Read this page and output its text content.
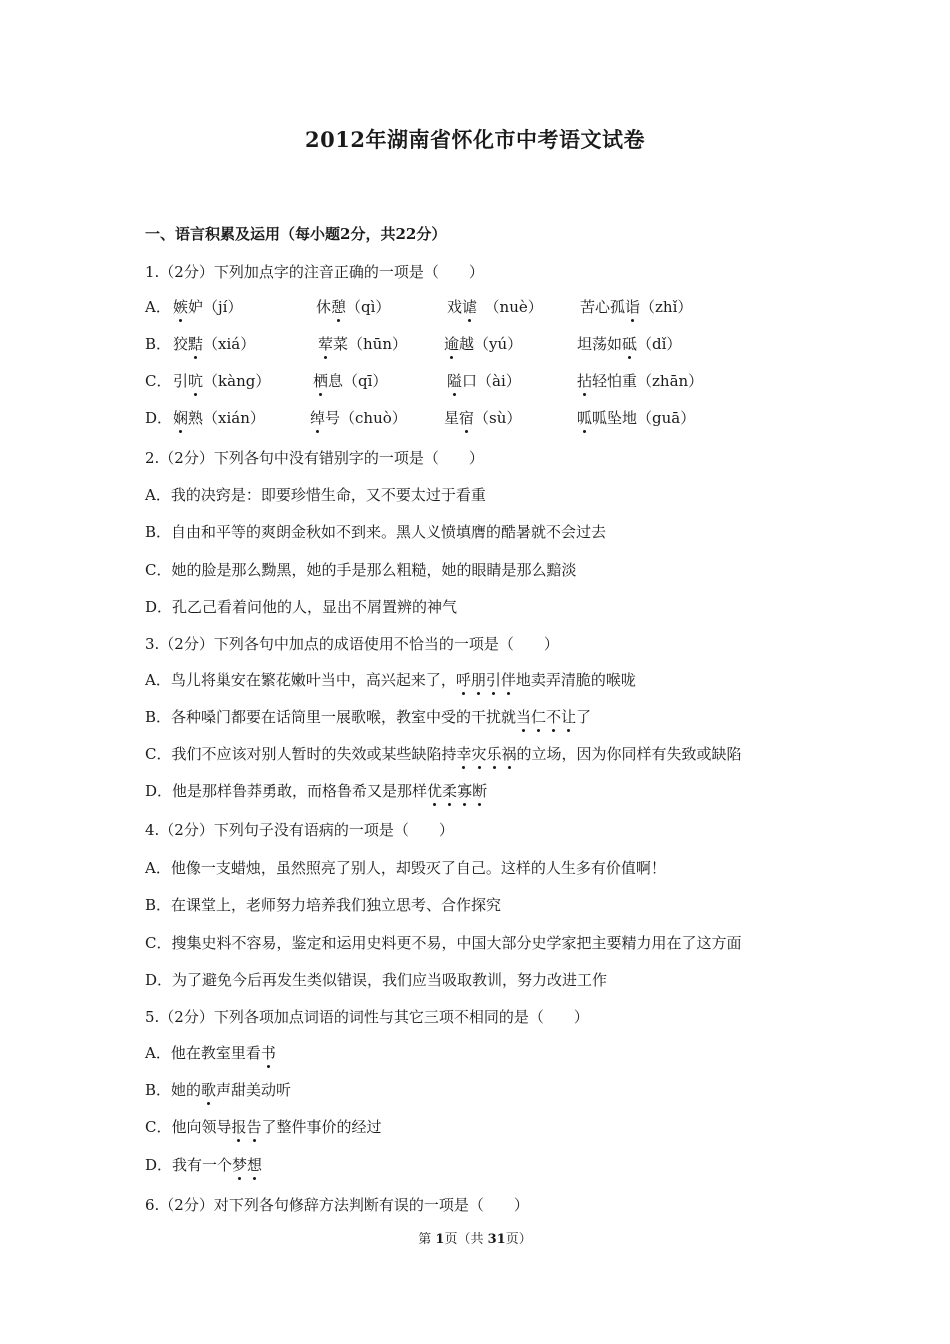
2012年湖南省怀化市中考语文试卷
一、语言积累及运用（每小题2分，共22分）
1.（2分）下列加点字的注音正确的一项是（　　）
A． 嫉妒（jí）	休憩（qì）	戏谑　（nuè） 苦心孤诣（zhǐ）
B． 狡黠（xiá）	荤菜（hūn） 逾越（yú）	坦荡如砥（dǐ）
C． 引吭（kàng）	栖息（qī）	隘口（ài）	拈轻怕重（zhān）
D． 娴熟（xián）	绰号（chuò） 星宿（sù）	呱呱坠地（guā）
2.（2分）下列各句中没有错别字的一项是（　　）
A．我的决窍是：即要珍惜生命，又不要太过于看重
B．自由和平等的爽朗金秋如不到来。黑人义愤填膺的酷暑就不会过去
C．她的脸是那么黝黑，她的手是那么粗糙，她的眼睛是那么黯淡
D．孔乙己看着问他的人，显出不屑置辨的神气
3.（2分）下列各句中加点的成语使用不恰当的一项是（　　）
A．鸟儿将巢安在繁花嫩叶当中，高兴起来了，呼朋引伴地卖弄清脆的喉咙
B．各种嗓门都要在话筒里一展歌喉，教室中受的干扰就当仁不让了
C．我们不应该对别人暂时的失效或某些缺陷持幸灾乐祸的立场，因为你同样有失致或缺陷
D．他是那样鲁莽勇敢，而格鲁希又是那样优柔寡断
4.（2分）下列句子没有语病的一项是（　　）
A．他像一支蜡烛，虽然照亮了别人，却毁灭了自己。这样的人生多有价值啊！
B．在课堂上，老师努力培养我们独立思考、合作探究
C．搜集史料不容易，鉴定和运用史料更不易，中国大部分史学家把主要精力用在了这方面
D．为了避免今后再发生类似错误，我们应当吸取教训，努力改进工作
5.（2分）下列各项加点词语的词性与其它三项不相同的是（　　）
A．他在教室里看书
B．她的歌声甜美动听
C．他向领导报告了整件事价的经过
D．我有一个梦想
6.（2分）对下列各句修辞方法判断有误的一项是（　　）
第 1页（共 31页）
